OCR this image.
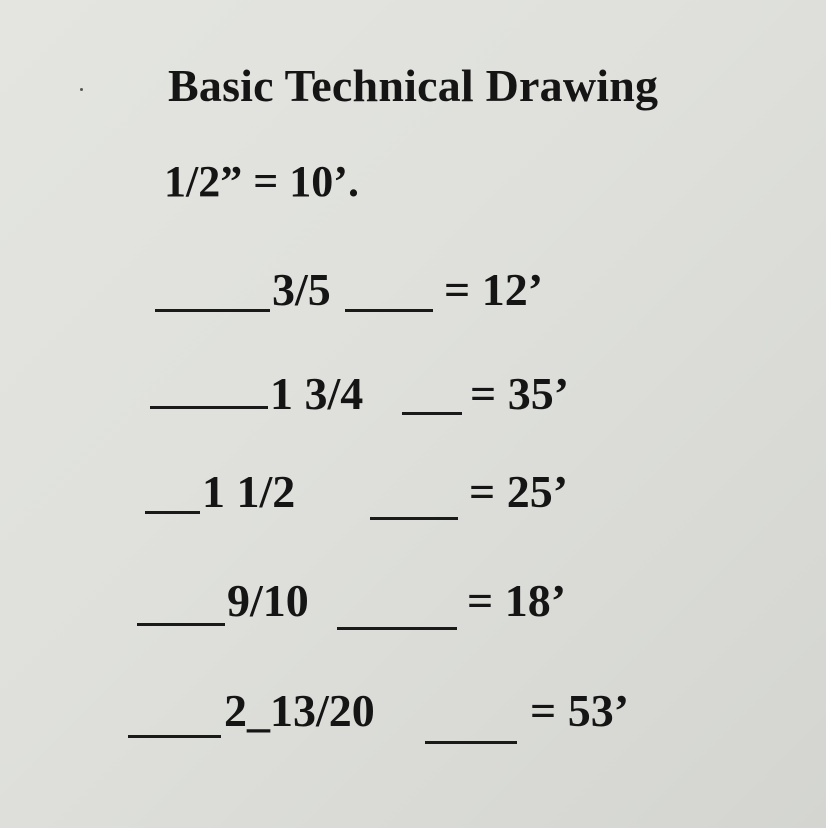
Basic Technical Drawing
1/2” = 10’.
3/5 = 12’
1 3/4 = 35’
1 1/2	= 25’
9/10	= 18’
2_13/20	= 53’
